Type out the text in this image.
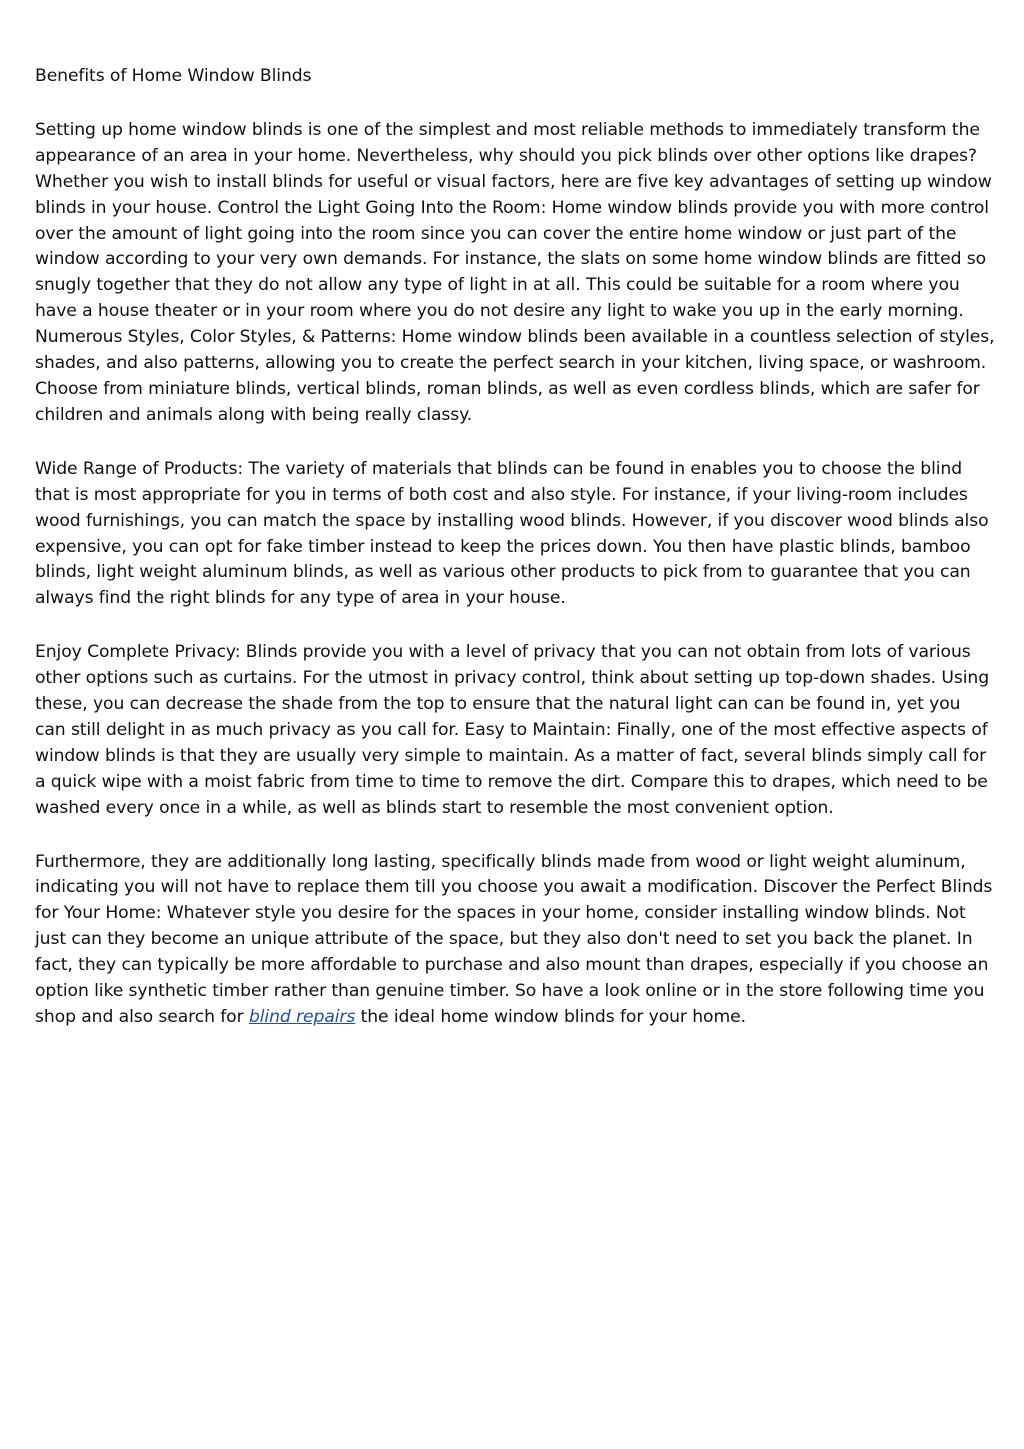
Benefits of Home Window Blinds

Setting up home window blinds is one of the simplest and most reliable methods to immediately transform the appearance of an area in your home. Nevertheless, why should you pick blinds over other options like drapes? Whether you wish to install blinds for useful or visual factors, here are five key advantages of setting up window blinds in your house. Control the Light Going Into the Room: Home window blinds provide you with more control over the amount of light going into the room since you can cover the entire home window or just part of the window according to your very own demands. For instance, the slats on some home window blinds are fitted so snugly together that they do not allow any type of light in at all. This could be suitable for a room where you have a house theater or in your room where you do not desire any light to wake you up in the early morning. Numerous Styles, Color Styles, & Patterns: Home window blinds been available in a countless selection of styles, shades, and also patterns, allowing you to create the perfect search in your kitchen, living space, or washroom. Choose from miniature blinds, vertical blinds, roman blinds, as well as even cordless blinds, which are safer for children and animals along with being really classy.

Wide Range of Products: The variety of materials that blinds can be found in enables you to choose the blind that is most appropriate for you in terms of both cost and also style. For instance, if your living-room includes wood furnishings, you can match the space by installing wood blinds. However, if you discover wood blinds also expensive, you can opt for fake timber instead to keep the prices down. You then have plastic blinds, bamboo blinds, light weight aluminum blinds, as well as various other products to pick from to guarantee that you can always find the right blinds for any type of area in your house.

Enjoy Complete Privacy: Blinds provide you with a level of privacy that you can not obtain from lots of various other options such as curtains. For the utmost in privacy control, think about setting up top-down shades. Using these, you can decrease the shade from the top to ensure that the natural light can can be found in, yet you can still delight in as much privacy as you call for. Easy to Maintain: Finally, one of the most effective aspects of window blinds is that they are usually very simple to maintain. As a matter of fact, several blinds simply call for a quick wipe with a moist fabric from time to time to remove the dirt. Compare this to drapes, which need to be washed every once in a while, as well as blinds start to resemble the most convenient option.

Furthermore, they are additionally long lasting, specifically blinds made from wood or light weight aluminum, indicating you will not have to replace them till you choose you await a modification. Discover the Perfect Blinds for Your Home: Whatever style you desire for the spaces in your home, consider installing window blinds. Not just can they become an unique attribute of the space, but they also don't need to set you back the planet. In fact, they can typically be more affordable to purchase and also mount than drapes, especially if you choose an option like synthetic timber rather than genuine timber. So have a look online or in the store following time you shop and also search for blind repairs the ideal home window blinds for your home.
